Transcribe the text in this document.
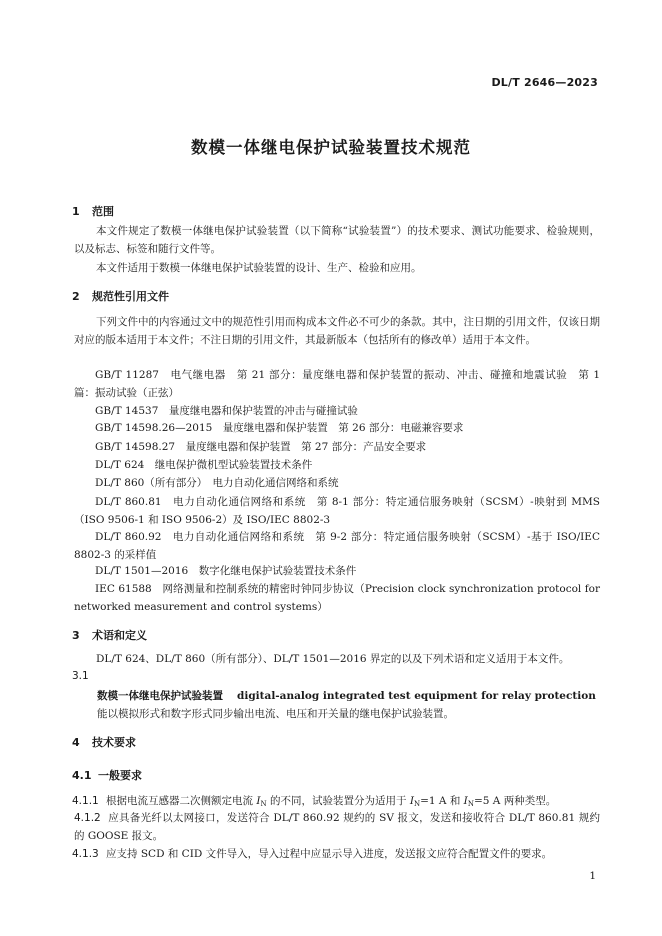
DL/T 2646—2023
数模一体继电保护试验装置技术规范
1 范围
本文件规定了数模一体继电保护试验装置（以下简称“试验装置”）的技术要求、测试功能要求、检验规则，以及标志、标签和随行文件等。
本文件适用于数模一体继电保护试验装置的设计、生产、检验和应用。
2 规范性引用文件
下列文件中的内容通过文中的规范性引用而构成本文件必不可少的条款。其中，注日期的引用文件，仅该日期对应的版本适用于本文件；不注日期的引用文件，其最新版本（包括所有的修改单）适用于本文件。
GB/T 11287　电气继电器　第 21 部分：量度继电器和保护装置的振动、冲击、碰撞和地震试验　第 1 篇：振动试验（正弦）
GB/T 14537　量度继电器和保护装置的冲击与碰撞试验
GB/T 14598.26—2015　量度继电器和保护装置　第 26 部分：电磁兼容要求
GB/T 14598.27　量度继电器和保护装置　第 27 部分：产品安全要求
DL/T 624　继电保护微机型试验装置技术条件
DL/T 860（所有部分）　电力自动化通信网络和系统
DL/T 860.81　电力自动化通信网络和系统　第 8-1 部分：特定通信服务映射（SCSM）-映射到 MMS（ISO 9506-1 和 ISO 9506-2）及 ISO/IEC 8802-3
DL/T 860.92　电力自动化通信网络和系统　第 9-2 部分：特定通信服务映射（SCSM）-基于 ISO/IEC 8802-3 的采样值
DL/T 1501—2016　数字化继电保护试验装置技术条件
IEC 61588　网络测量和控制系统的精密时钟同步协议（Precision clock synchronization protocol for networked measurement and control systems）
3 术语和定义
DL/T 624、DL/T 860（所有部分）、DL/T 1501—2016 界定的以及下列术语和定义适用于本文件。
3.1
数模一体继电保护试验装置 digital-analog integrated test equipment for relay protection
能以模拟形式和数字形式同步输出电流、电压和开关量的继电保护试验装置。
4 技术要求
4.1 一般要求
4.1.1 根据电流互感器二次侧额定电流 $I_N$ 的不同，试验装置分为适用于 $I_N=1$ A 和 $I_N=5$ A 两种类型。
4.1.2 应具备光纤以太网接口，发送符合 DL/T 860.92 规约的 SV 报文，发送和接收符合 DL/T 860.81 规约的 GOOSE 报文。
4.1.3 应支持 SCD 和 CID 文件导入，导入过程中应显示导入进度，发送报文应符合配置文件的要求。
1
